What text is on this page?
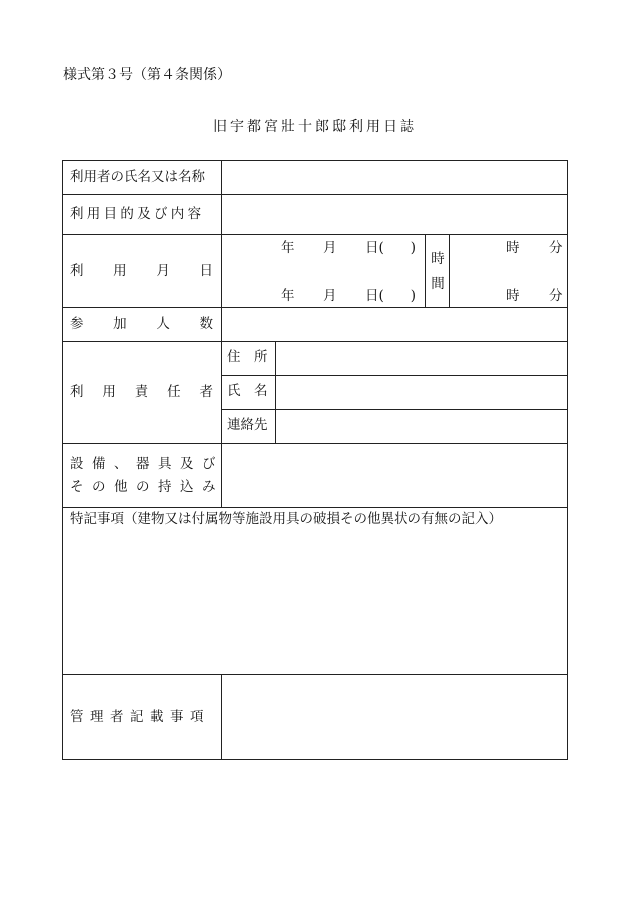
様式第３号（第４条関係）
旧宇都宮壯十郎邸利用日誌
利用者の氏名又は名称
利用目的及び内容
利 用 月 日
参 加 人 数
利 用 責 任 者
設備、器具及び
その他の持込み
特記事項（建物又は付属物等施設用具の破損その他異状の有無の記入）
管理者記載事項
住　所
氏　名
連絡先
年 月 日(　　)
年 月 日(　　)
時
間
時 分
時 分
